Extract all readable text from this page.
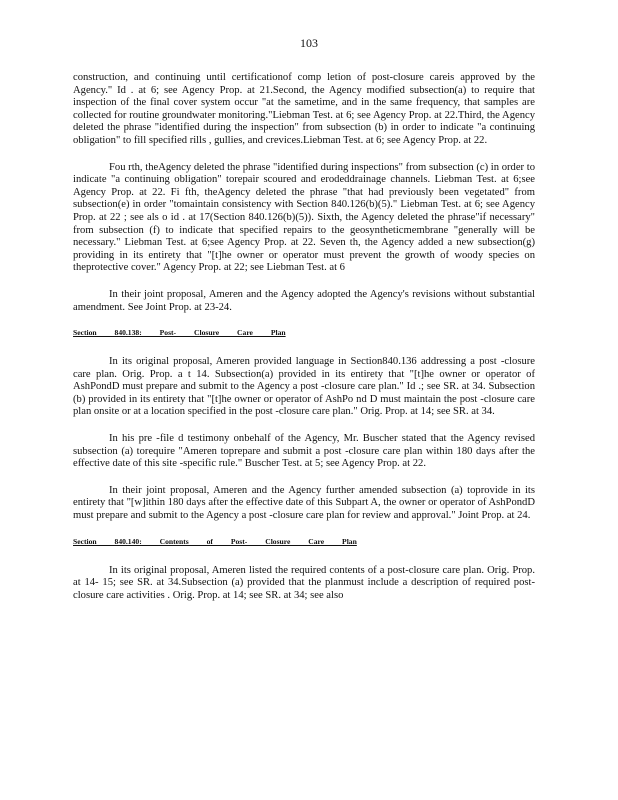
103

construction, and continuing until certificationof comp letion of post-closure careis approved by the Agency." Id . at 6; see Agency Prop. at 21.Second, the Agency modified subsection(a) to require that inspection of the final cover system occur "at the sametime, and in the same frequency, that samples are collected for routine groundwater monitoring."Liebman Test. at 6; see Agency Prop. at 22.Third, the Agency deleted the phrase "identified during the inspection" from subsection (b) in order to indicate "a continuing obligation" to fill specified rills , gullies, and crevices.Liebman Test. at 6; see Agency Prop. at 22.

Fou rth, theAgency deleted the phrase "identified during inspections" from subsection (c) in order to indicate "a continuing obligation" torepair scoured and erodeddrainage channels. Liebman Test. at 6;see Agency Prop. at 22. Fi fth, theAgency deleted the phrase "that had previously been vegetated" from subsection(e) in order "tomaintain consistency with Section 840.126(b)(5)." Liebman Test. at 6; see Agency Prop. at 22 ; see als o id . at 17(Section 840.126(b)(5)). Sixth, the Agency deleted the phrase"if necessary" from subsection (f) to indicate that specified repairs to the geosyntheticmembrane "generally will be necessary." Liebman Test. at 6;see Agency Prop. at 22. Seven th, the Agency added a new subsection(g) providing in its entirety that "[t]he owner or operator must prevent the growth of woody species on theprotective cover." Agency Prop. at 22; see Liebman Test. at 6

In their joint proposal, Ameren and the Agency adopted the Agency's revisions without substantial amendment. See Joint Prop. at 23-24.

Section 840.138: Post- Closure Care Plan

In its original proposal, Ameren provided language in Section840.136 addressing a post -closure care plan. Orig. Prop. a t 14. Subsection(a) provided in its entirety that "[t]he owner or operator of AshPondD must prepare and submit to the Agency a post -closure care plan." Id .; see SR. at 34. Subsection (b) provided in its entirety that "[t]he owner or operator of AshPo nd D must maintain the post -closure care plan onsite or at a location specified in the post -closure care plan." Orig. Prop. at 14; see SR. at 34.

In his pre -file d testimony onbehalf of the Agency, Mr. Buscher stated that the Agency revised subsection (a) torequire "Ameren toprepare and submit a post -closure care plan within 180 days after the effective date of this site -specific rule." Buscher Test. at 5; see Agency Prop. at 22.

In their joint proposal, Ameren and the Agency further amended subsection (a) toprovide in its entirety that "[w]ithin 180 days after the effective date of this Subpart A, the owner or operator of AshPondD must prepare and submit to the Agency a post -closure care plan for review and approval." Joint Prop. at 24.

Section 840.140: Contents of Post- Closure Care Plan

In its original proposal, Ameren listed the required contents of a post-closure care plan. Orig. Prop. at 14- 15; see SR. at 34.Subsection (a) provided that the planmust include a description of required post- closure care activities . Orig. Prop. at 14; see SR. at 34; see also
